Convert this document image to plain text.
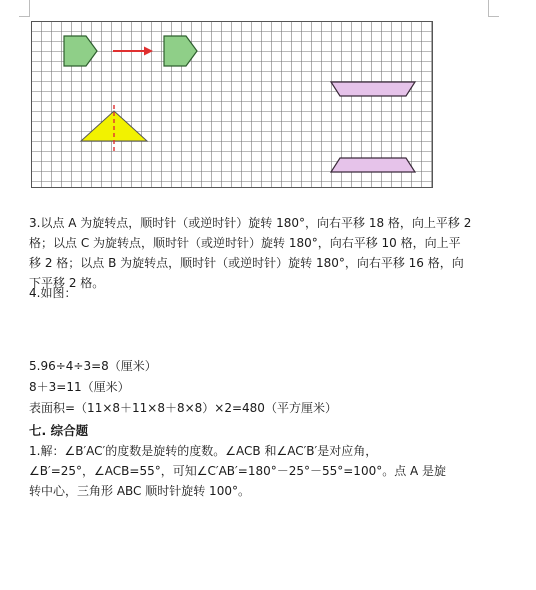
3.以点 A 为旋转点，顺时针（或逆时针）旋转 180°，向右平移 18 格，向上平移 2

格；以点 C 为旋转点，顺时针（或逆时针）旋转 180°，向右平移 10 格，向上平

移 2 格；以点 B 为旋转点，顺时针（或逆时针）旋转 180°，向右平移 16 格，向

下平移 2 格。

4.如图：

5.96÷4÷3=8（厘米）

8＋3=11（厘米）

表面积=（11×8＋11×8＋8×8）×2=480（平方厘米）

七. 综合题

1.解：∠B′AC′的度数是旋转的度数。∠ACB 和∠AC′B′是对应角，

∠B′=25°，∠ACB=55°，可知∠C′AB′=180°－25°－55°=100°。点 A 是旋

转中心，三角形 ABC 顺时针旋转 100°。
